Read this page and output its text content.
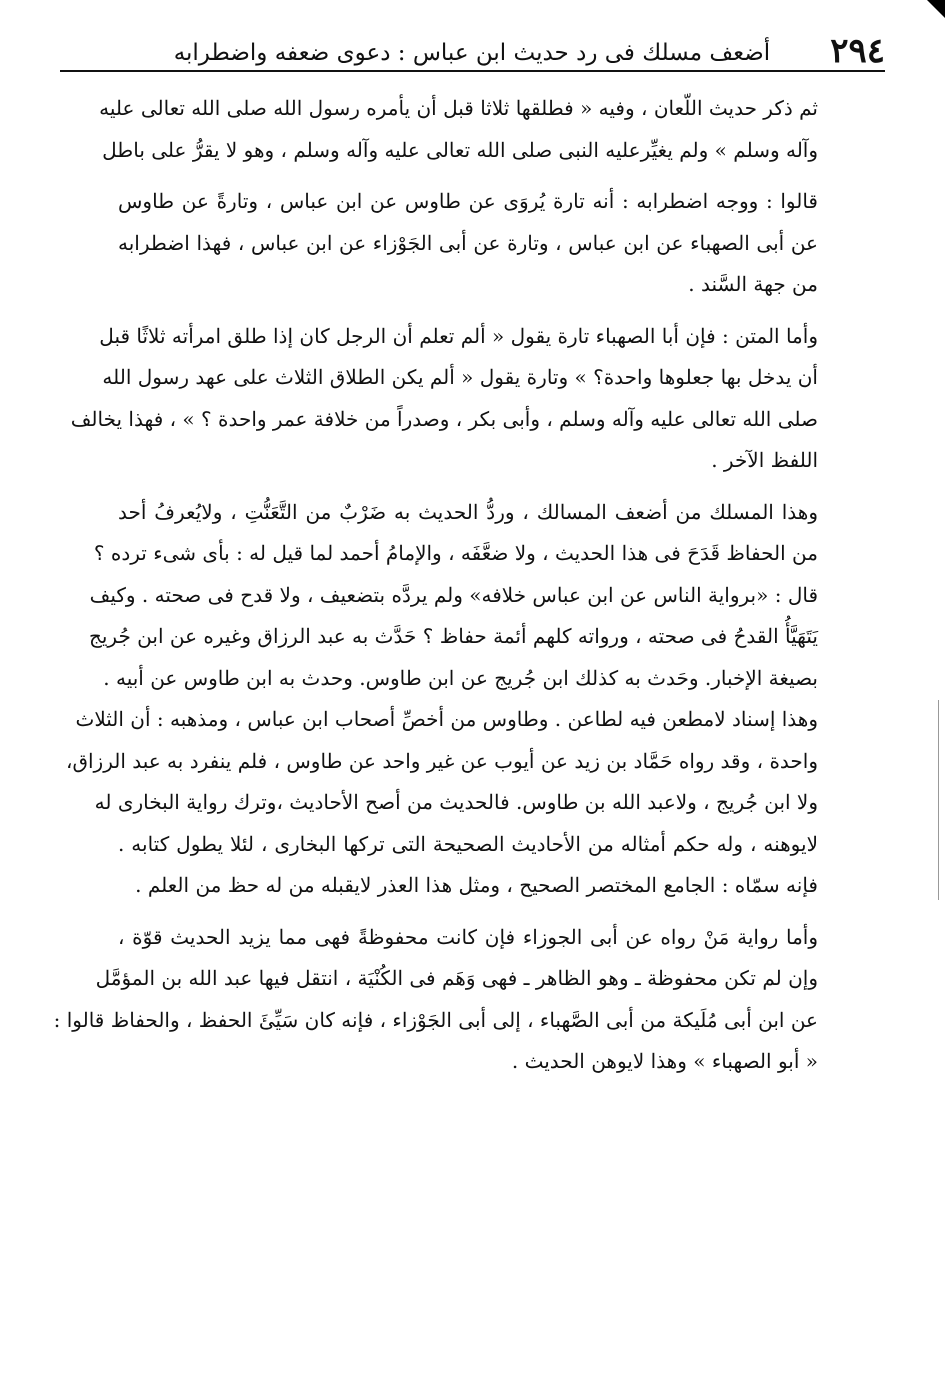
٢٩٤
أضعف مسلك فى رد حديث ابن عباس : دعوى ضعفه واضطرابه
ثم ذكر حديث اللّعان ، وفيه « فطلقها ثلاثا قبل أن يأمره رسول الله صلى الله تعالى عليه
وآله وسلم » ولم يغيِّرعليه النبى صلى الله تعالى عليه وآله وسلم ، وهو لا يقرُّ على باطل
قالوا : ووجه اضطرابه : أنه تارة يُروَى عن طاوس عن ابن عباس ، وتارةً عن طاوس
عن أبى الصهباء عن ابن عباس ، وتارة عن أبى الجَوْزاء عن ابن عباس ، فهذا اضطرابه
من جهة السَّند .
وأما المتن : فإن أبا الصهباء تارة يقول « ألم تعلم أن الرجل كان إذا طلق امرأته ثلاثًا قبل
أن يدخل بها جعلوها واحدة؟ » وتارة يقول « ألم يكن الطلاق الثلاث على عهد رسول الله
صلى الله تعالى عليه وآله وسلم ، وأبى بكر ، وصدراً من خلافة عمر واحدة ؟ » ، فهذا يخالف
اللفظ الآخر .
وهذا المسلك من أضعف المسالك ، وردُّ الحديث به ضَرْبٌ من التَّعَنُّتِ ، ولايُعرفُ أحد
من الحفاظ قَدَحَ فى هذا الحديث ، ولا ضعَّفَه ، والإمامُ أحمد لما قيل له : بأى شىء ترده ؟
قال : «برواية الناس عن ابن عباس خلافه» ولم يردَّه بتضعيف ، ولا قدح فى صحته . وكيف
يَتَهَيَّأُ القدحُ فى صحته ، ورواته كلهم أئمة حفاظ ؟ حَدَّث به عبد الرزاق وغيره عن ابن جُريج
بصيغة الإخبار. وحَدث به كذلك ابن جُريج عن ابن طاوس. وحدث به ابن طاوس عن أبيه .
وهذا إسناد لامطعن فيه لطاعن . وطاوس من أخصِّ أصحاب ابن عباس ، ومذهبه : أن الثلاث
واحدة ، وقد رواه حَمَّاد بن زيد عن أيوب عن غير واحد عن طاوس ، فلم ينفرد به عبد الرزاق،
ولا ابن جُريج ، ولاعبد الله بن طاوس. فالحديث من أصح الأحاديث ،وترك رواية البخارى له
لايوهنه ، وله حكم أمثاله من الأحاديث الصحيحة التى تركها البخارى ، لئلا يطول كتابه .
فإنه سمّاه : الجامع المختصر الصحيح ، ومثل هذا العذر لايقبله من له حظ من العلم .
وأما رواية مَنْ رواه عن أبى الجوزاء فإن كانت محفوظةً فهى مما يزيد الحديث قوّة ،
وإن لم تكن محفوظة ـ وهو الظاهر ـ فهى وَهَم فى الكُنْيَة ، انتقل فيها عبد الله بن المؤمَّل
عن ابن أبى مُلَيكة من أبى الصَّهباء ، إلى أبى الجَوْزاء ، فإنه كان سَيِّئَ الحفظ ، والحفاظ قالوا :
« أبو الصهباء » وهذا لايوهن الحديث .
